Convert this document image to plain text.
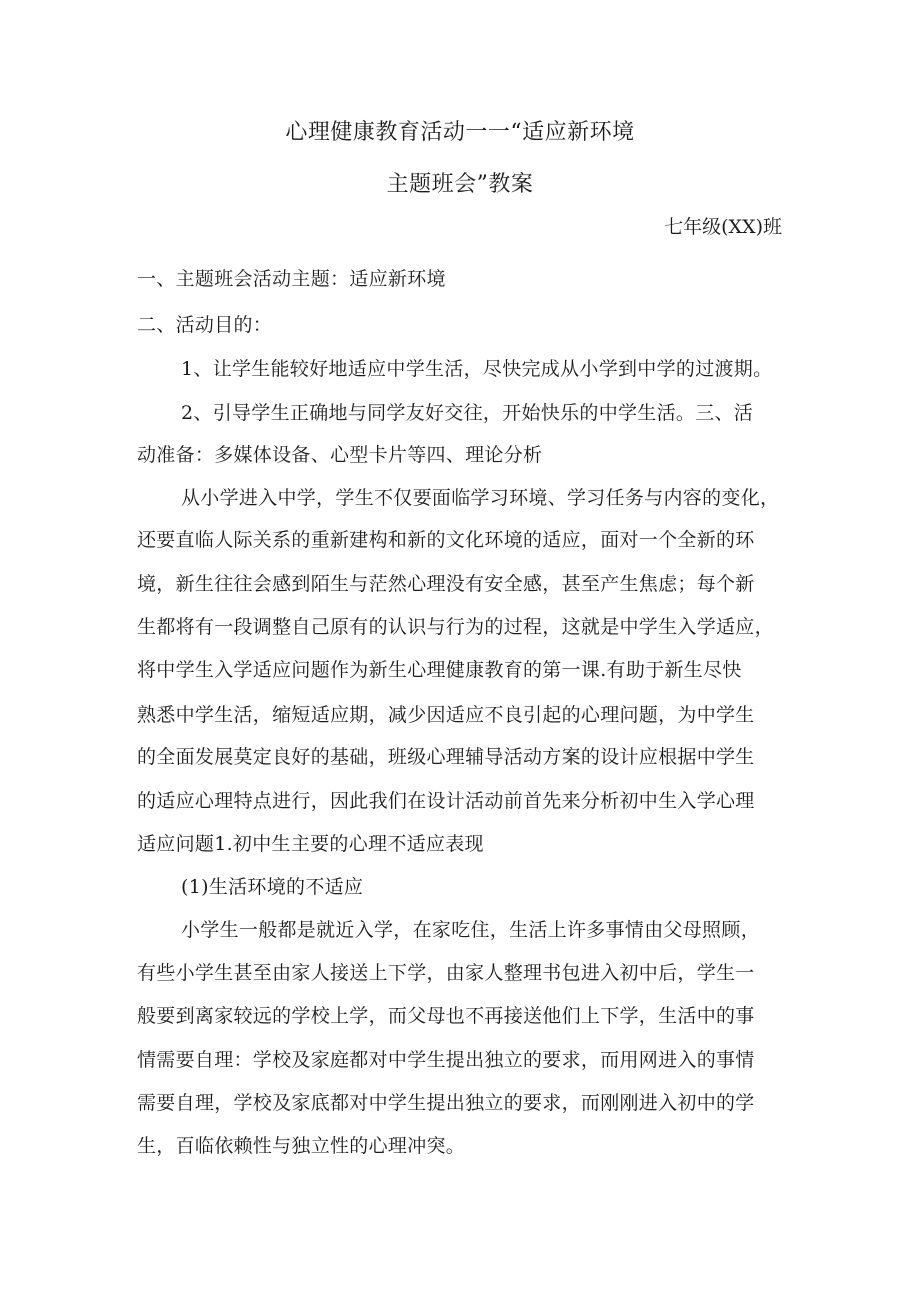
心理健康教育活动一一“适应新环境
主题班会”教案
七年级(XX)班
一、主题班会活动主题：适应新环境
二、活动目的：
1、让学生能较好地适应中学生活，尽快完成从小学到中学的过渡期。
2、引导学生正确地与同学友好交往，开始快乐的中学生活。三、活
动准备：多媒体设备、心型卡片等四、理论分析
从小学进入中学，学生不仅要面临学习环境、学习任务与内容的变化，
还要直临人际关系的重新建构和新的文化环境的适应，面对一个全新的环
境，新生往往会感到陌生与茫然心理没有安全感，甚至产生焦虑；每个新
生都将有一段调整自己原有的认识与行为的过程，这就是中学生入学适应，
将中学生入学适应问题作为新生心理健康教育的第一课.有助于新生尽快
熟悉中学生活，缩短适应期，减少因适应不良引起的心理问题，为中学生
的全面发展莫定良好的基础，班级心理辅导活动方案的设计应根据中学生
的适应心理特点进行，因此我们在设计活动前首先来分析初中生入学心理
适应问题1.初中生主要的心理不适应表现
(1)生活环境的不适应
小学生一般都是就近入学，在家吃住，生活上许多事情由父母照顾，
有些小学生甚至由家人接送上下学，由家人整理书包进入初中后，学生一
般要到离家较远的学校上学，而父母也不再接送他们上下学，生活中的事
情需要自理：学校及家庭都对中学生提出独立的要求，而用网进入的事情
需要自理，学校及家底都对中学生提出独立的要求，而刚刚进入初中的学
生，百临依赖性与独立性的心理冲突。
